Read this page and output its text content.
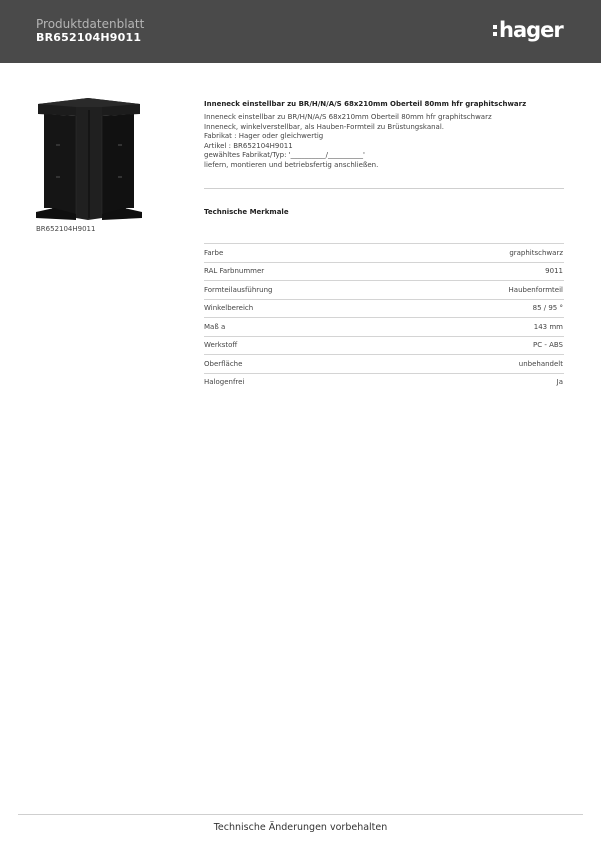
Produktdatenblatt
BR652104H9011	hager
BR652104H9011
Inneneck einstellbar zu BR/H/N/A/S 68x210mm Oberteil 80mm hfr graphitschwarz
Inneneck einstellbar zu BR/H/N/A/S 68x210mm Oberteil 80mm hfr graphitschwarz
Inneneck, winkelverstellbar, als Hauben-Formteil zu Brüstungskanal.
Fabrikat : Hager oder gleichwertig
Artikel : BR652104H9011
gewähltes Fabrikat/Typ: '__________/__________'
liefern, montieren und betriebsfertig anschließen.
Technische Merkmale
Farbe	graphitschwarz
RAL Farbnummer	9011
Formteilausführung	Haubenformteil
Winkelbereich	85 / 95 °
Maß a	143 mm
Werkstoff	PC - ABS
Oberfläche	unbehandelt
Halogenfrei	Ja
Technische Änderungen vorbehalten
